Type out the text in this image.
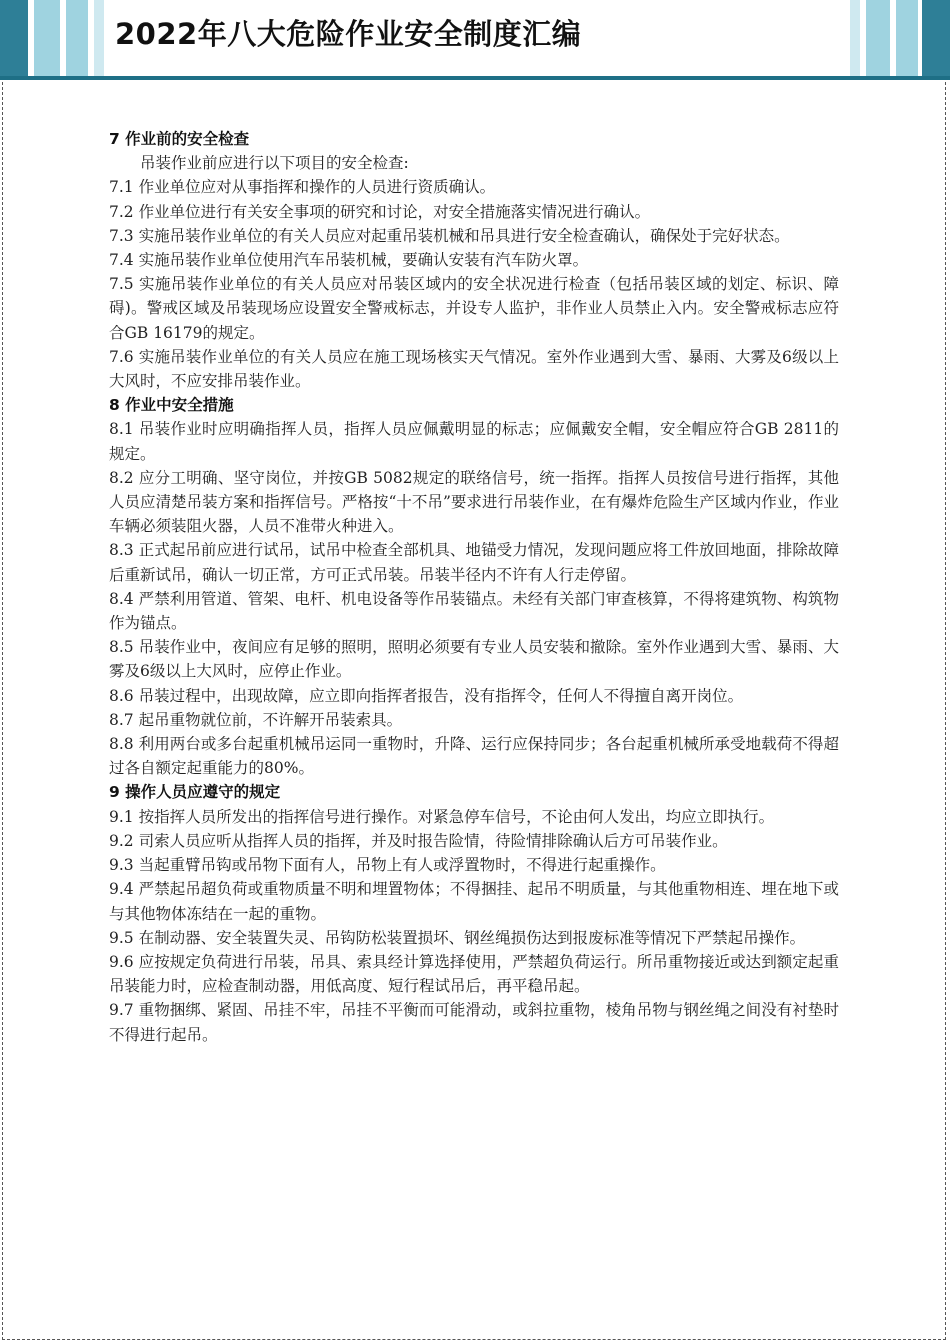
2022年八大危险作业安全制度汇编
7 作业前的安全检查

吊装作业前应进行以下项目的安全检查:

7.1 作业单位应对从事指挥和操作的人员进行资质确认。

7.2 作业单位进行有关安全事项的研究和讨论，对安全措施落实情况进行确认。

7.3 实施吊装作业单位的有关人员应对起重吊装机械和吊具进行安全检查确认，确保处于完好状态。

7.4 实施吊装作业单位使用汽车吊装机械，要确认安装有汽车防火罩。

7.5 实施吊装作业单位的有关人员应对吊装区域内的安全状况进行检查（包括吊装区域的划定、标识、障碍)。警戒区域及吊装现场应设置安全警戒标志，并设专人监护，非作业人员禁止入内。安全警戒标志应符合GB 16179的规定。

7.6 实施吊装作业单位的有关人员应在施工现场核实天气情况。室外作业遇到大雪、暴雨、大雾及6级以上大风时，不应安排吊装作业。

8 作业中安全措施

8.1 吊装作业时应明确指挥人员，指挥人员应佩戴明显的标志；应佩戴安全帽，安全帽应符合GB 2811的规定。

8.2 应分工明确、坚守岗位，并按GB 5082规定的联络信号，统一指挥。指挥人员按信号进行指挥，其他人员应清楚吊装方案和指挥信号。严格按“十不吊”要求进行吊装作业，在有爆炸危险生产区域内作业，作业车辆必须装阻火器，人员不准带火种进入。

8.3 正式起吊前应进行试吊，试吊中检查全部机具、地锚受力情况，发现问题应将工件放回地面，排除故障后重新试吊，确认一切正常，方可正式吊装。吊装半径内不许有人行走停留。

8.4 严禁利用管道、管架、电杆、机电设备等作吊装锚点。未经有关部门审查核算，不得将建筑物、构筑物作为锚点。

8.5 吊装作业中，夜间应有足够的照明，照明必须要有专业人员安装和撤除。室外作业遇到大雪、暴雨、大雾及6级以上大风时，应停止作业。

8.6 吊装过程中，出现故障，应立即向指挥者报告，没有指挥令，任何人不得擅自离开岗位。

8.7 起吊重物就位前，不许解开吊装索具。

8.8 利用两台或多台起重机械吊运同一重物时，升降、运行应保持同步；各台起重机械所承受地载荷不得超过各自额定起重能力的80%。

9 操作人员应遵守的规定

9.1 按指挥人员所发出的指挥信号进行操作。对紧急停车信号，不论由何人发出，均应立即执行。

9.2 司索人员应听从指挥人员的指挥，并及时报告险情，待险情排除确认后方可吊装作业。

9.3 当起重臂吊钩或吊物下面有人，吊物上有人或浮置物时，不得进行起重操作。

9.4 严禁起吊超负荷或重物质量不明和埋置物体；不得捆挂、起吊不明质量，与其他重物相连、埋在地下或与其他物体冻结在一起的重物。

9.5 在制动器、安全装置失灵、吊钩防松装置损坏、钢丝绳损伤达到报废标准等情况下严禁起吊操作。

9.6 应按规定负荷进行吊装，吊具、索具经计算选择使用，严禁超负荷运行。所吊重物接近或达到额定起重吊装能力时，应检查制动器，用低高度、短行程试吊后，再平稳吊起。

9.7 重物捆绑、紧固、吊挂不牢，吊挂不平衡而可能滑动，或斜拉重物，棱角吊物与钢丝绳之间没有衬垫时不得进行起吊。
